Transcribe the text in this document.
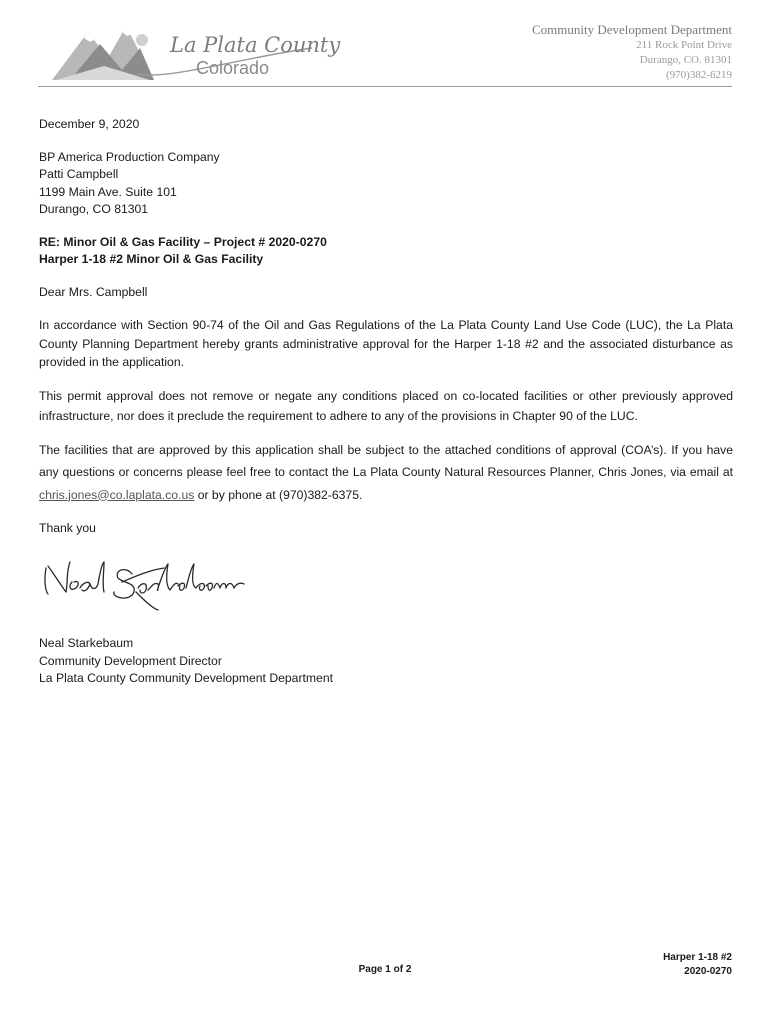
La Plata County
Colorado
Community Development Department
211 Rock Point Drive
Durango, CO. 81301
(970)382-6219

December 9, 2020

BP America Production Company

Patti Campbell

1199 Main Ave. Suite 101

Durango, CO 81301

RE: Minor Oil & Gas Facility – Project # 2020-0270

Harper 1-18 #2 Minor Oil & Gas Facility

Dear Mrs. Campbell

In accordance with Section 90-74 of the Oil and Gas Regulations of the La Plata County Land Use Code (LUC), the La Plata County Planning Department hereby grants administrative approval for the Harper 1-18 #2 and the associated disturbance as provided in the application.

This permit approval does not remove or negate any conditions placed on co-located facilities or other previously approved infrastructure, nor does it preclude the requirement to adhere to any of the provisions in Chapter 90 of the LUC.

The facilities that are approved by this application shall be subject to the attached conditions of approval (COA’s). If you have any questions or concerns please feel free to contact the La Plata County Natural Resources Planner, Chris Jones, via email at chris.jones@co.laplata.co.us or by phone at (970)382-6375.

Thank you

Neal Starkebaum

Community Development Director

La Plata County Community Development Department

Page 1 of 2
Harper 1-18 #2
2020-0270
